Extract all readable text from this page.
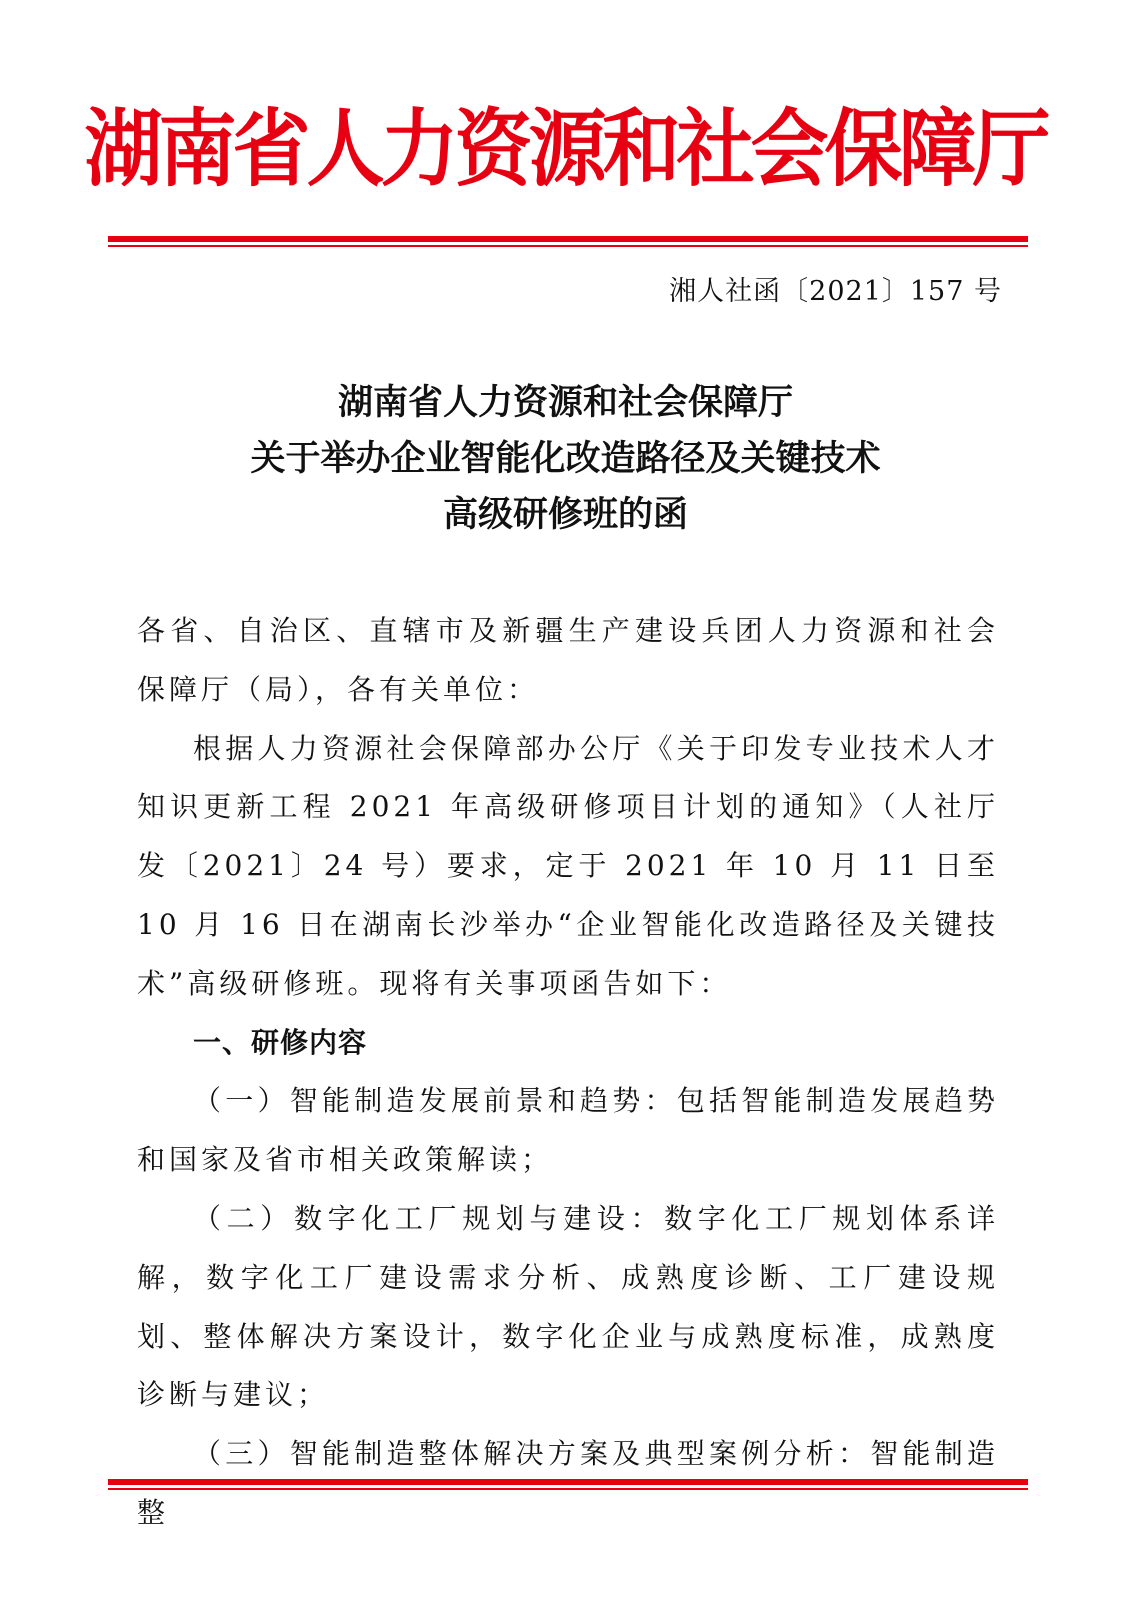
湖南省人力资源和社会保障厅
湘人社函〔2021〕157 号
湖南省人力资源和社会保障厅
关于举办企业智能化改造路径及关键技术
高级研修班的函

各省、自治区、直辖市及新疆生产建设兵团人力资源和社会保障厅（局），各有关单位：

根据人力资源社会保障部办公厅《关于印发专业技术人才知识更新工程 2021 年高级研修项目计划的通知》（人社厅发〔2021〕24 号）要求，定于 2021 年 10 月 11 日至 10 月 16 日在湖南长沙举办“企业智能化改造路径及关键技术”高级研修班。现将有关事项函告如下：

一、研修内容

（一）智能制造发展前景和趋势：包括智能制造发展趋势和国家及省市相关政策解读；

（二）数字化工厂规划与建设：数字化工厂规划体系详解，数字化工厂建设需求分析、成熟度诊断、工厂建设规划、整体解决方案设计，数字化企业与成熟度标准，成熟度诊断与建议；

（三）智能制造整体解决方案及典型案例分析：智能制造整
